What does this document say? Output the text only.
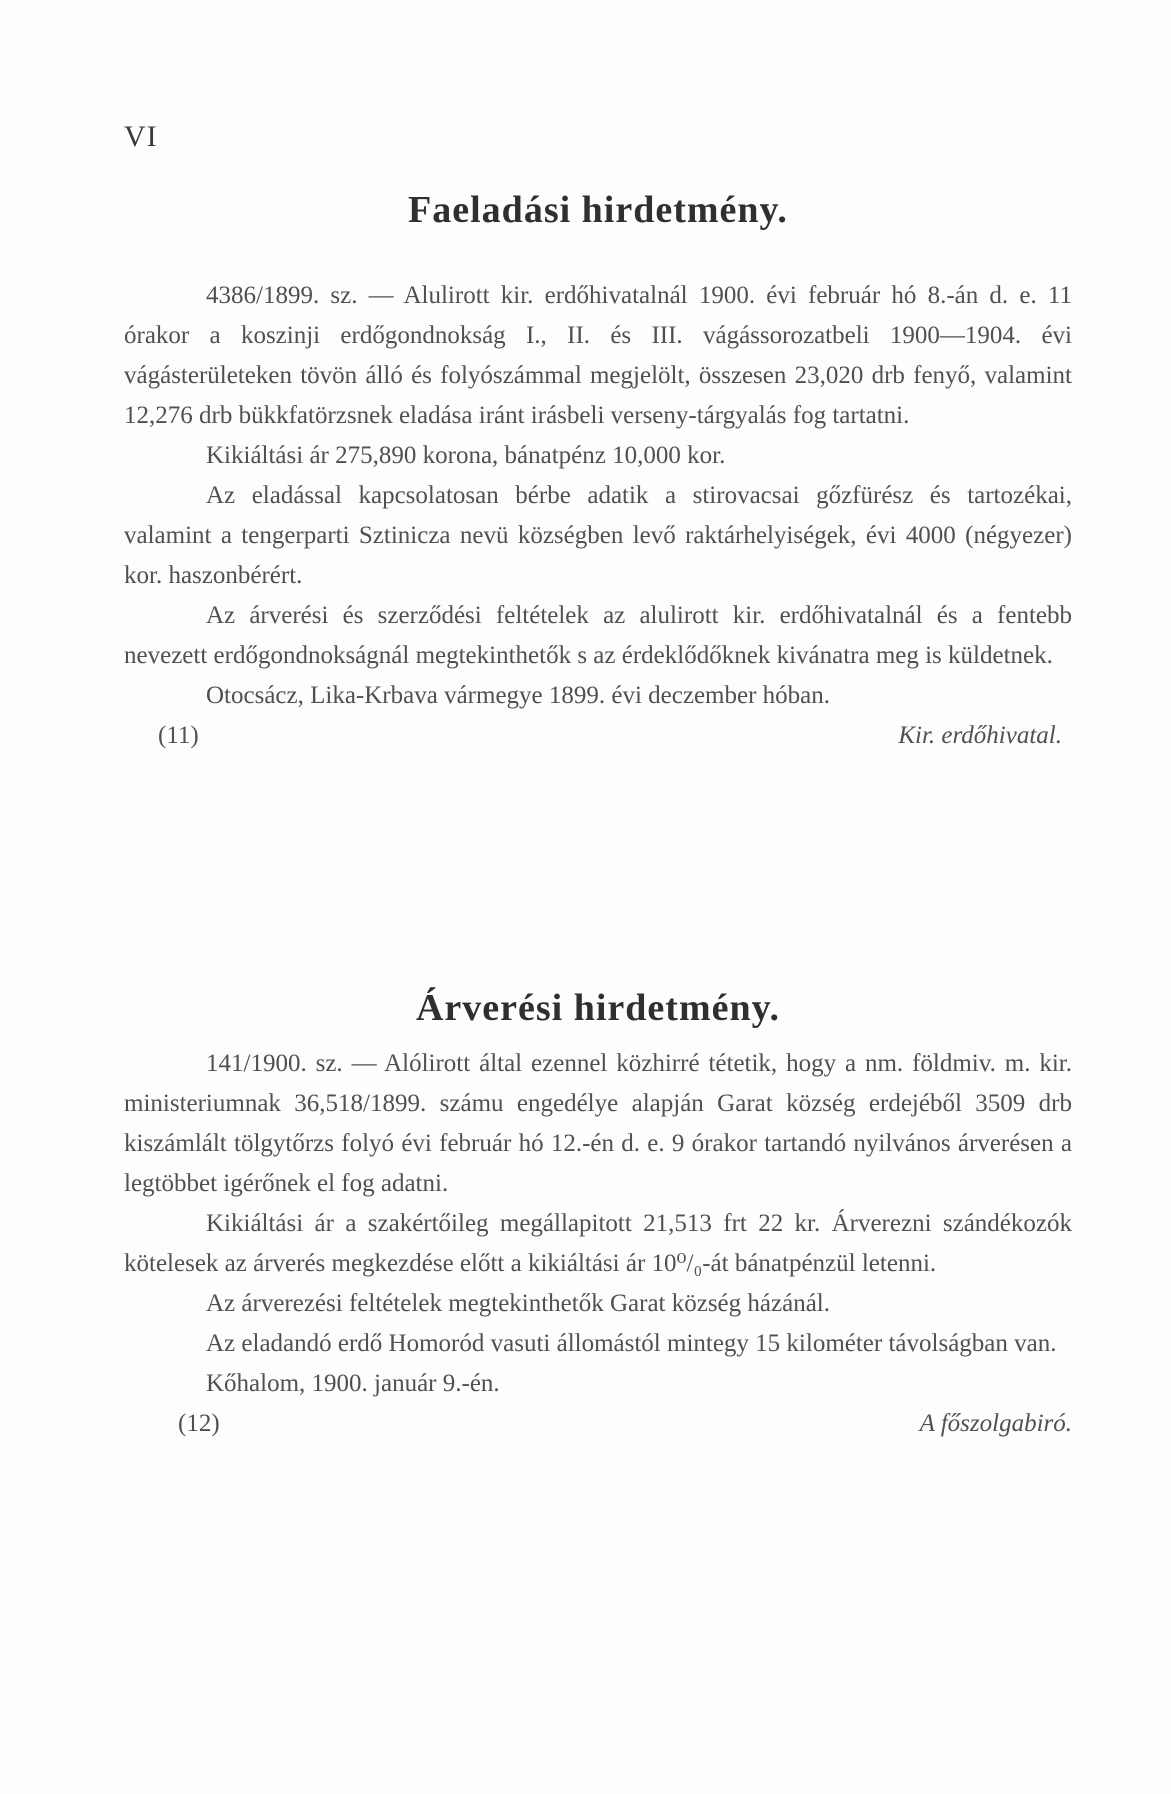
VI
Faeladási hirdetmény.

4386/1899. sz. — Alulirott kir. erdőhivatalnál 1900. évi február hó 8.-án d. e. 11 órakor a koszinji erdőgondnokság I., II. és III. vágássorozatbeli 1900—1904. évi vágásterületeken tövön álló és folyószámmal megjelölt, összesen 23,020 drb fenyő, valamint 12,276 drb bükkfatörzsnek eladása iránt irásbeli verseny-tárgyalás fog tartatni.

Kikiáltási ár 275,890 korona, bánatpénz 10,000 kor.

Az eladással kapcsolatosan bérbe adatik a stirovacsai gőzfürész és tartozékai, valamint a tengerparti Sztinicza nevü községben levő raktárhelyiségek, évi 4000 (négyezer) kor. haszonbérért.

Az árverési és szerződési feltételek az alulirott kir. erdőhivatalnál és a fentebb nevezett erdőgondnokságnál megtekinthetők s az érdeklődőknek kivánatra meg is küldetnek.

Otocsácz, Lika-Krbava vármegye 1899. évi deczember hóban.

(11)	Kir. erdőhivatal.
Árverési hirdetmény.

141/1900. sz. — Alólirott által ezennel közhirré tétetik, hogy a nm. földmiv. m. kir. ministeriumnak 36,518/1899. számu engedélye alapján Garat község erdejéből 3509 drb kiszámlált tölgytőrzs folyó évi február hó 12.-én d. e. 9 órakor tartandó nyilvános árverésen a legtöbbet igérőnek el fog adatni.

Kikiáltási ár a szakértőileg megállapitott 21,513 frt 22 kr. Árverezni szándékozók kötelesek az árverés megkezdése előtt a kikiáltási ár 10⁰/₀-át bánatpénzül letenni.

Az árverezési feltételek megtekinthetők Garat község házánál.

Az eladandó erdő Homoród vasuti állomástól mintegy 15 kilométer távolságban van.

Kőhalom, 1900. január 9.-én.

(12)	A főszolgabiró.
